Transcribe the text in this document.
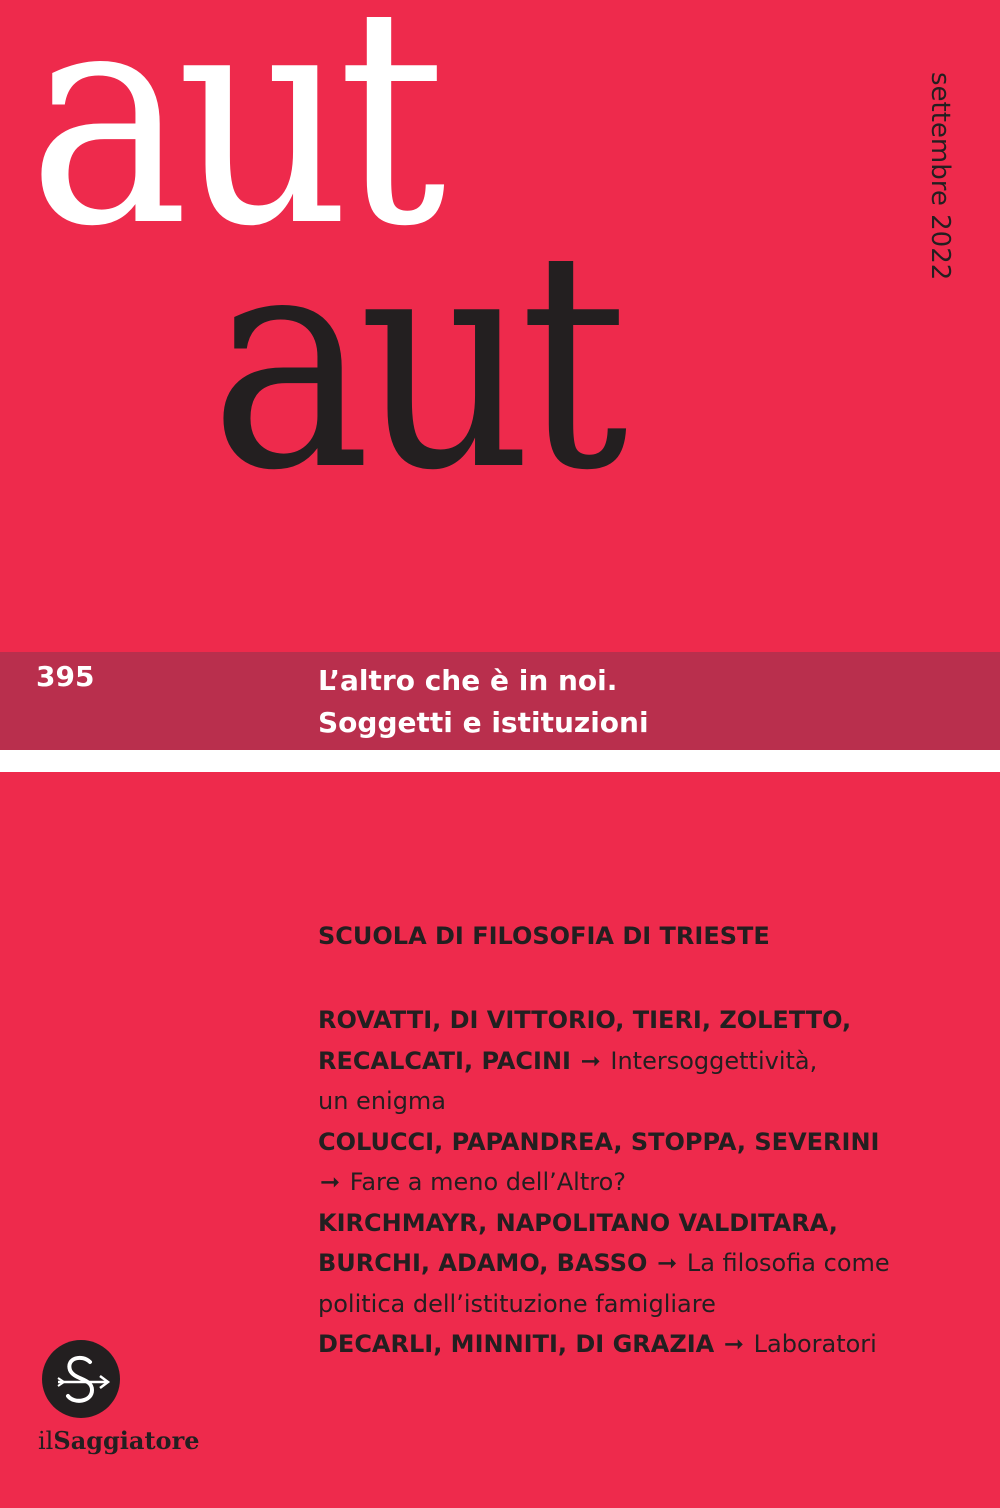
aut
aut
settembre 2022
395	L’altro che è in noi.
Soggetti e istituzioni
SCUOLA DI FILOSOFIA DI TRIESTE

ROVATTI, DI VITTORIO, TIERI, ZOLETTO,
RECALCATI, PACINI ➞ Intersoggettività,
un enigma

COLUCCI, PAPANDREA, STOPPA, SEVERINI
➞ Fare a meno dell’Altro?

KIRCHMAYR, NAPOLITANO VALDITARA,
BURCHI, ADAMO, BASSO ➞ La filosofia come
politica dell’istituzione famigliare

DECARLI, MINNITI, DI GRAZIA ➞ Laboratori

ilSaggiatore
